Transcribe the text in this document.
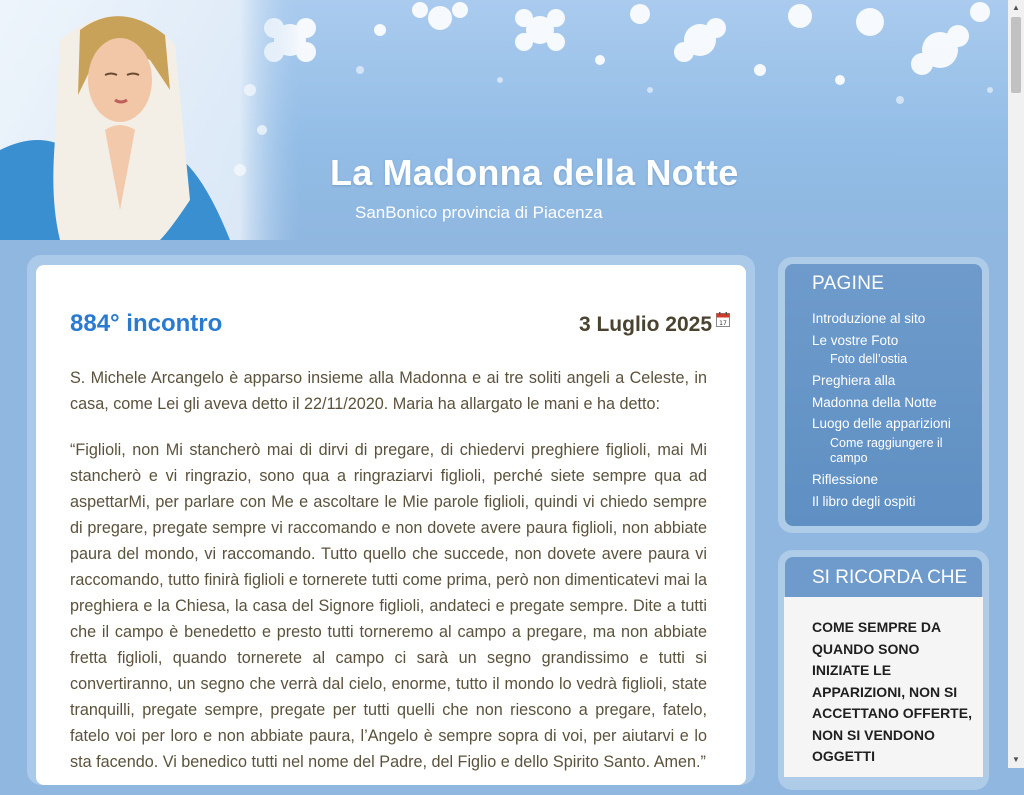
La Madonna della Notte

SanBonico provincia di Piacenza

884° incontro	3 Luglio 2025 17

S. Michele Arcangelo è apparso insieme alla Madonna e ai tre soliti angeli a Celeste, in casa, come Lei gli aveva detto il 22/11/2020. Maria ha allargato le mani e ha detto:

“Figlioli, non Mi stancherò mai di dirvi di pregare, di chiedervi preghiere figlioli, mai Mi stancherò e vi ringrazio, sono qua a ringraziarvi figlioli, perché siete sempre qua ad aspettarMi, per parlare con Me e ascoltare le Mie parole figlioli, quindi vi chiedo sempre di pregare, pregate sempre vi raccomando e non dovete avere paura figlioli, non abbiate paura del mondo, vi raccomando. Tutto quello che succede, non dovete avere paura vi raccomando, tutto finirà figlioli e tornerete tutti come prima, però non dimenticatevi mai la preghiera e la Chiesa, la casa del Signore figlioli, andateci e pregate sempre. Dite a tutti che il campo è benedetto e presto tutti torneremo al campo a pregare, ma non abbiate fretta figlioli, quando tornerete al campo ci sarà un segno grandissimo e tutti si convertiranno, un segno che verrà dal cielo, enorme, tutto il mondo lo vedrà figlioli, state tranquilli, pregate sempre, pregate per tutti quelli che non riescono a pregare, fatelo, fatelo voi per loro e non abbiate paura, l’Angelo è sempre sopra di voi, per aiutarvi e lo sta facendo. Vi benedico tutti nel nome del Padre, del Figlio e dello Spirito Santo. Amen.”

PAGINE
Introduzione al sito
Le vostre Foto
Foto dell’ostia
Preghiera alla
Madonna della Notte
Luogo delle apparizioni
Come raggiungere il campo
Riflessione
Il libro degli ospiti
SI RICORDA CHE

COME SEMPRE DA QUANDO SONO INIZIATE LE APPARIZIONI, NON SI ACCETTANO OFFERTE, NON SI VENDONO OGGETTI

▲
▼
